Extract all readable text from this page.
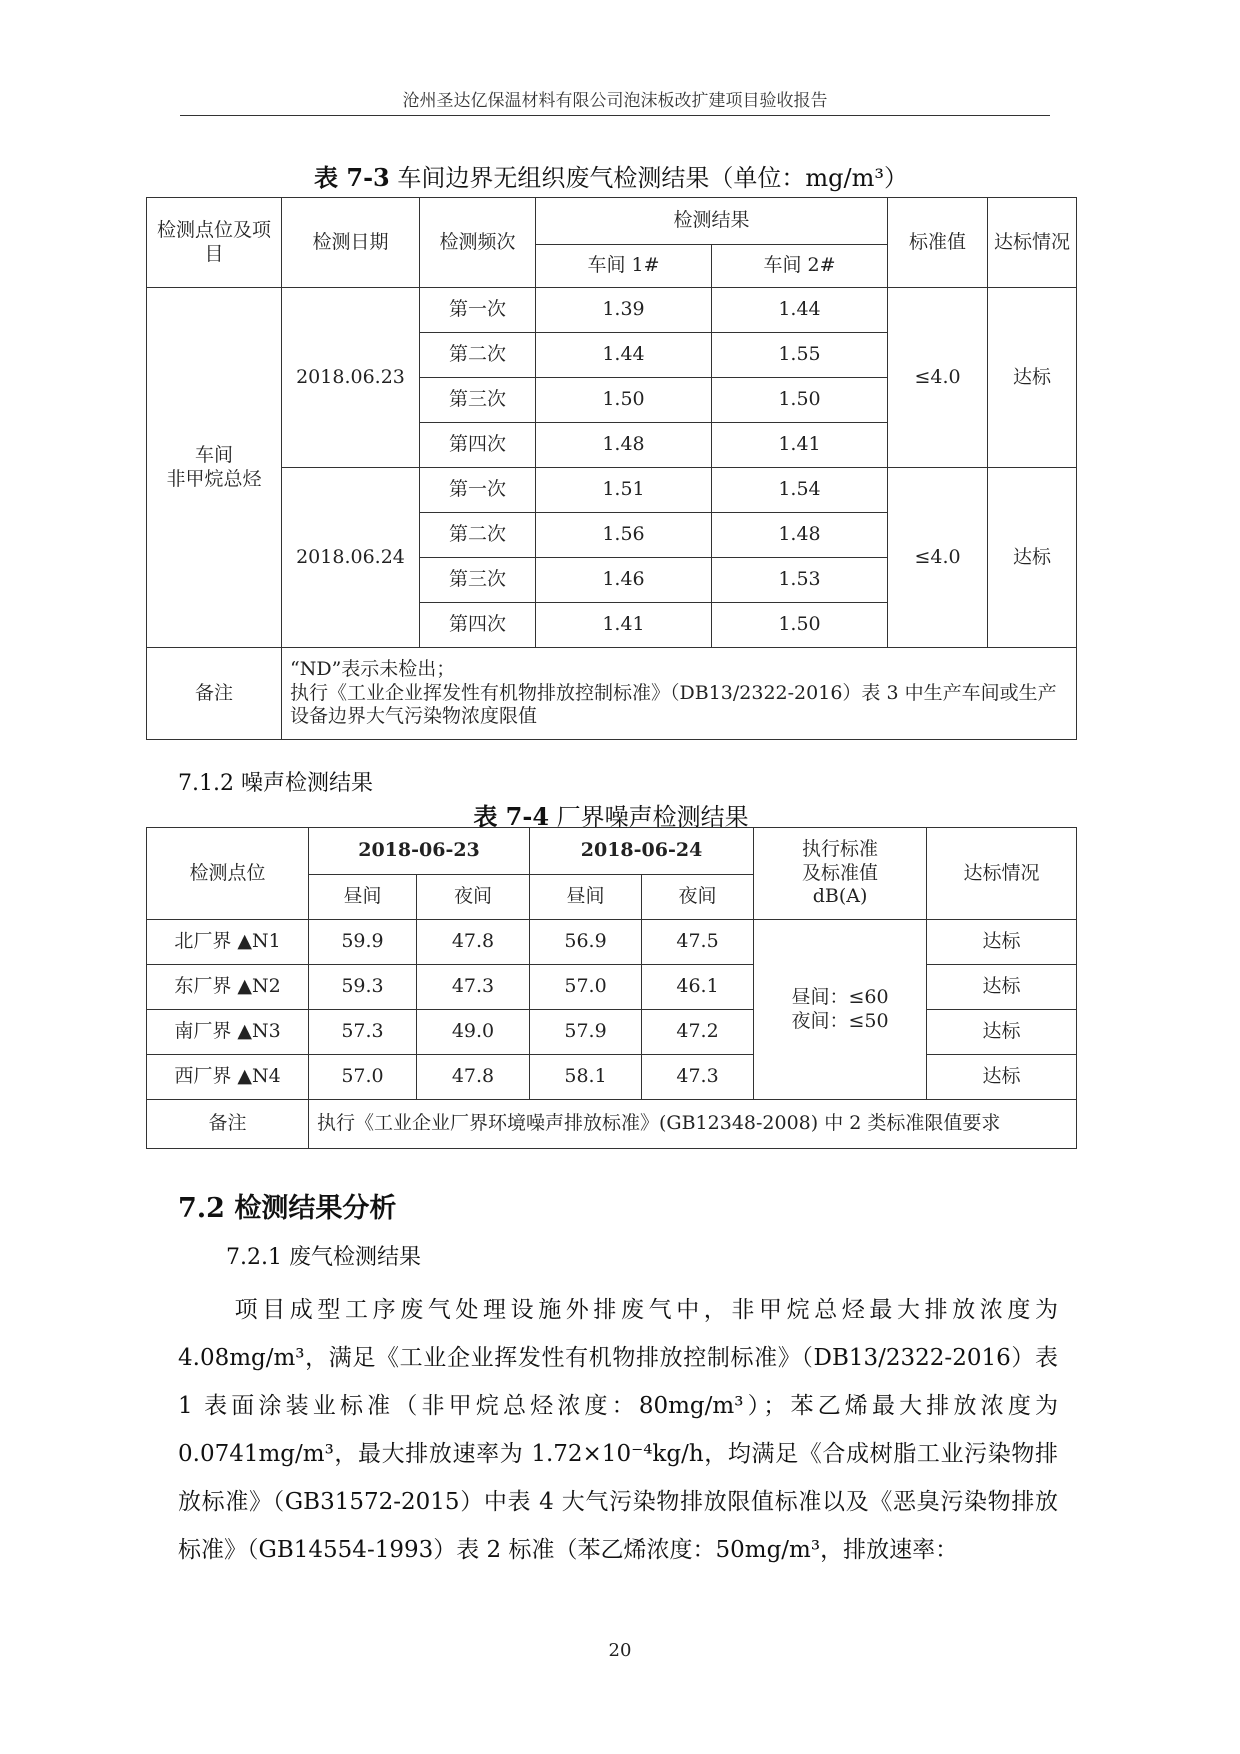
沧州圣达亿保温材料有限公司泡沫板改扩建项目验收报告
表 7-3 车间边界无组织废气检测结果（单位：mg/m³）
检测点位及项目	检测日期	检测频次	检测结果		标准值	达标情况
			车间 1#	车间 2#		
车间
非甲烷总烃	2018.06.23	第一次	1.39	1.44	≤4.0	达标
		第二次	1.44	1.55		
		第三次	1.50	1.50		
		第四次	1.48	1.41		
	2018.06.24	第一次	1.51	1.54	≤4.0	达标
		第二次	1.56	1.48		
		第三次	1.46	1.53		
		第四次	1.41	1.50		
备注	“ND”表示未检出；
执行《工业企业挥发性有机物排放控制标准》（DB13/2322-2016）表 3 中生产车间或生产设备边界大气污染物浓度限值					
7.1.2 噪声检测结果
表 7-4 厂界噪声检测结果
检测点位	2018-06-23		2018-06-24		执行标准
及标准值
dB(A)	达标情况
	昼间	夜间	昼间	夜间		
北厂界 ▲N1	59.9	47.8	56.9	47.5	昼间：≤60
夜间：≤50	达标
东厂界 ▲N2	59.3	47.3	57.0	46.1		达标
南厂界 ▲N3	57.3	49.0	57.9	47.2		达标
西厂界 ▲N4	57.0	47.8	58.1	47.3		达标
备注	执行《工业企业厂界环境噪声排放标准》(GB12348-2008) 中 2 类标准限值要求					
7.2 检测结果分析
7.2.1 废气检测结果
项目成型工序废气处理设施外排废气中，非甲烷总烃最大排放浓度为4.08mg/m³，满足《工业企业挥发性有机物排放控制标准》（DB13/2322-2016）表 1 表面涂装业标准（非甲烷总烃浓度：80mg/m³）；苯乙烯最大排放浓度为0.0741mg/m³，最大排放速率为 1.72×10⁻⁴kg/h，均满足《合成树脂工业污染物排放标准》（GB31572-2015）中表 4 大气污染物排放限值标准以及《恶臭污染物排放标准》（GB14554-1993）表 2 标准（苯乙烯浓度：50mg/m³，排放速率：
20
